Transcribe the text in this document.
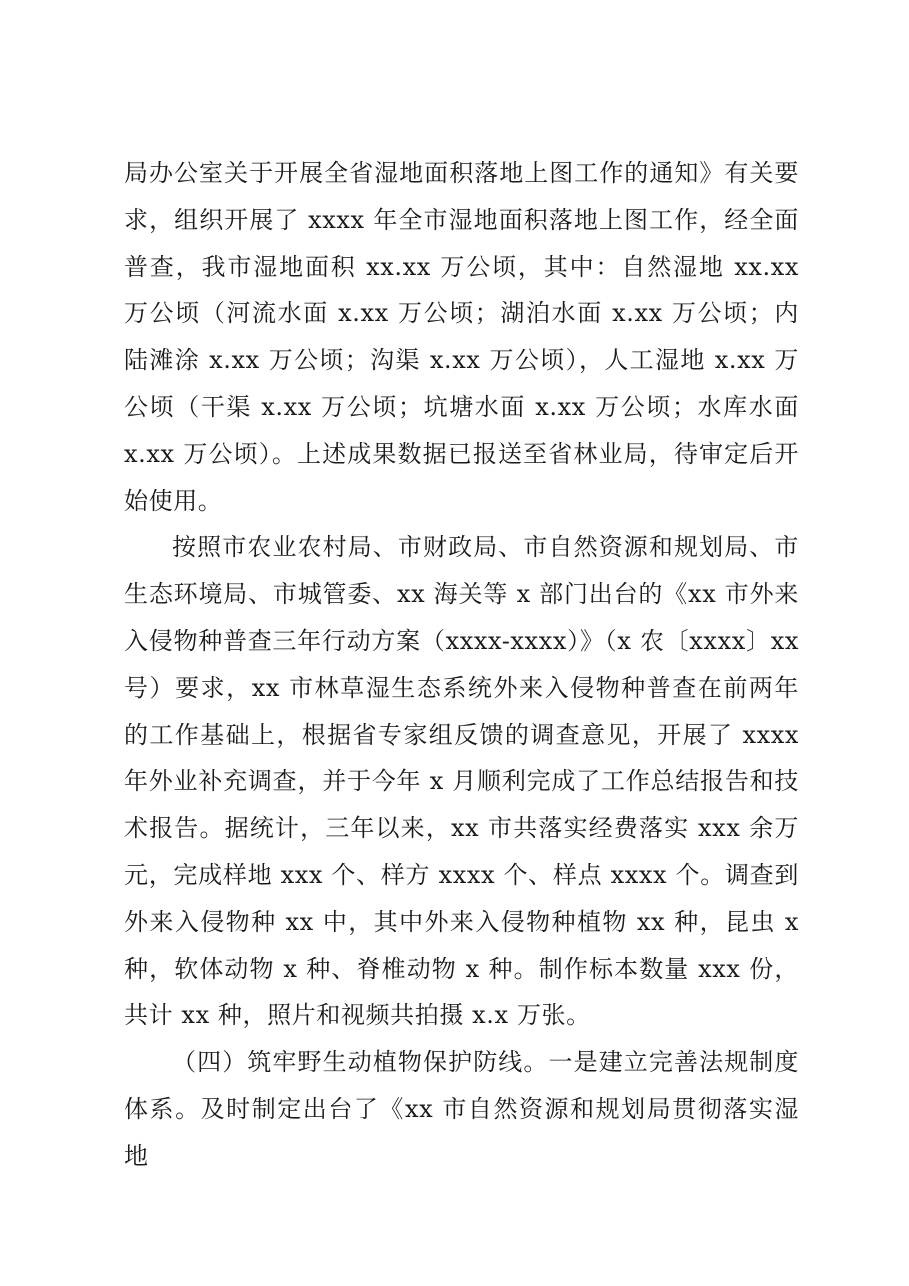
局办公室关于开展全省湿地面积落地上图工作的通知》有关要求，组织开展了 xxxx 年全市湿地面积落地上图工作，经全面普查，我市湿地面积 xx.xx 万公顷，其中：自然湿地 xx.xx 万公顷（河流水面 x.xx 万公顷；湖泊水面 x.xx 万公顷；内陆滩涂 x.xx 万公顷；沟渠 x.xx 万公顷），人工湿地 x.xx 万公顷（干渠 x.xx 万公顷；坑塘水面 x.xx 万公顷；水库水面 x.xx 万公顷）。上述成果数据已报送至省林业局，待审定后开始使用。

按照市农业农村局、市财政局、市自然资源和规划局、市生态环境局、市城管委、xx 海关等 x 部门出台的《xx 市外来入侵物种普查三年行动方案（xxxx-xxxx）》（x 农〔xxxx〕xx 号）要求，xx 市林草湿生态系统外来入侵物种普查在前两年的工作基础上，根据省专家组反馈的调查意见，开展了 xxxx 年外业补充调查，并于今年 x 月顺利完成了工作总结报告和技术报告。据统计，三年以来，xx 市共落实经费落实 xxx 余万元，完成样地 xxx 个、样方 xxxx 个、样点 xxxx 个。调查到外来入侵物种 xx 中，其中外来入侵物种植物 xx 种，昆虫 x 种，软体动物 x 种、脊椎动物 x 种。制作标本数量 xxx 份，共计 xx 种，照片和视频共拍摄 x.x 万张。

（四）筑牢野生动植物保护防线。一是建立完善法规制度体系。及时制定出台了《xx 市自然资源和规划局贯彻落实湿地
